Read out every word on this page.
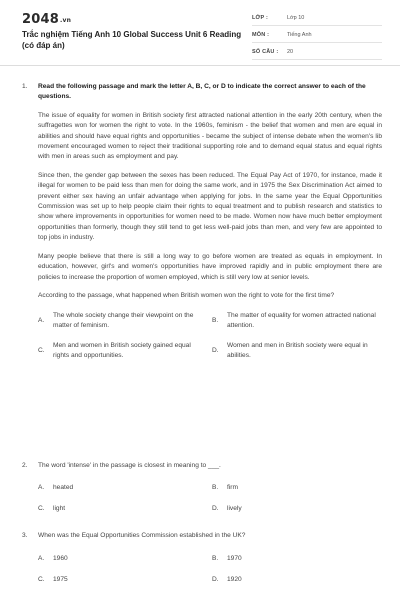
2048.vn
Trắc nghiệm Tiếng Anh 10 Global Success Unit 6 Reading (có đáp án)
LỚP :	Lớp 10
MÔN :	Tiếng Anh
SỐ CÂU : 20
1. Read the following passage and mark the letter A, B, C, or D to indicate the correct answer to each of the questions.
The issue of equality for women in British society first attracted national attention in the early 20th century, when the suffragettes won for women the right to vote. In the 1960s, feminism - the belief that women and men are equal in abilities and should have equal rights and opportunities - became the subject of intense debate when the women's lib movement encouraged women to reject their traditional supporting role and to demand equal status and equal rights with men in areas such as employment and pay.
Since then, the gender gap between the sexes has been reduced. The Equal Pay Act of 1970, for instance, made it illegal for women to be paid less than men for doing the same work, and in 1975 the Sex Discrimination Act aimed to prevent either sex having an unfair advantage when applying for jobs. In the same year the Equal Opportunities Commission was set up to help people claim their rights to equal treatment and to publish research and statistics to show where improvements in opportunities for women need to be made. Women now have much better employment opportunities than formerly, though they still tend to get less well-paid jobs than men, and very few are appointed to top jobs in industry.
Many people believe that there is still a long way to go before women are treated as equals in employment. In education, however, girl's and women's opportunities have improved rapidly and in public employment there are policies to increase the proportion of women employed, which is still very low at senior levels.
According to the passage, what happened when British women won the right to vote for the first time?
A.
The whole society change their viewpoint on the matter of feminism.
B.
The matter of equality for women attracted national attention.
C.
Men and women in British society gained equal rights and opportunities.
D.
Women and men in British society were equal in abilities.
2. The word 'intense' in the passage is closest in meaning to ___.
A. heated	B. firm
C. light	D. lively
3. When was the Equal Opportunities Commission established in the UK?
A. 1960	B. 1970
C. 1975	D. 1920
